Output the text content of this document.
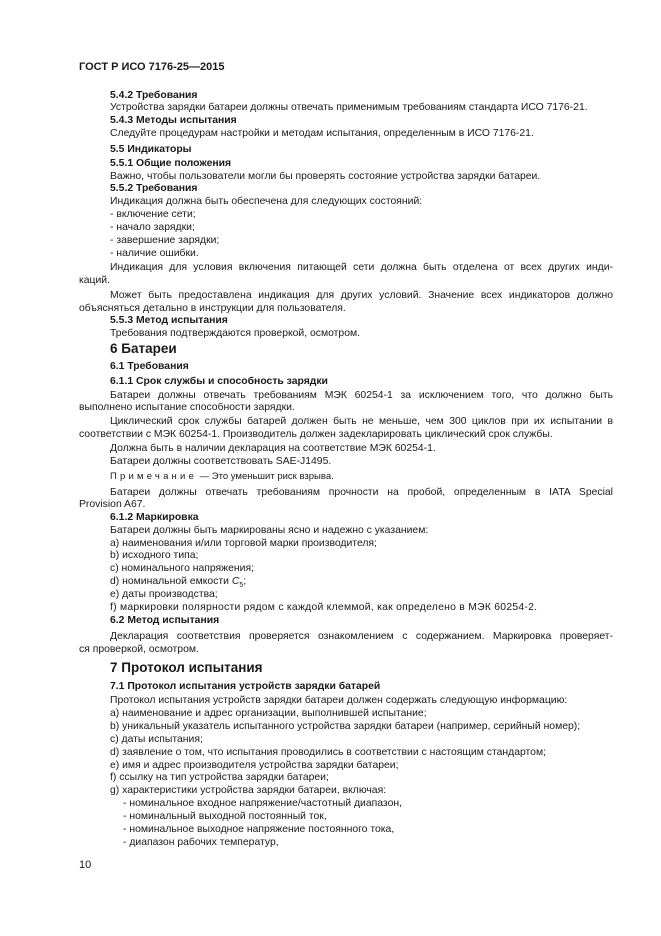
ГОСТ Р ИСО 7176-25—2015
5.4.2 Требования
Устройства зарядки батареи должны отвечать применимым требованиям стандарта ИСО 7176-21.
5.4.3 Методы испытания
Следуйте процедурам настройки и методам испытания, определенным в ИСО 7176-21.
5.5 Индикаторы
5.5.1 Общие положения
Важно, чтобы пользователи могли бы проверять состояние устройства зарядки батареи.
5.5.2 Требования
Индикация должна быть обеспечена для следующих состояний:
- включение сети;
- начало зарядки;
- завершение зарядки;
- наличие ошибки.
Индикация для условия включения питающей сети должна быть отделена от всех других инди-
каций.
Может быть предоставлена индикация для других условий. Значение всех индикаторов должно
объясняться детально в инструкции для пользователя.
5.5.3 Метод испытания
Требования подтверждаются проверкой, осмотром.
6 Батареи
6.1 Требования
6.1.1 Срок службы и способность зарядки
Батареи должны отвечать требованиям МЭК 60254-1 за исключением того, что должно быть
выполнено испытание способности зарядки.
Циклический срок службы батарей должен быть не меньше, чем 300 циклов при их испытании в
соответствии с МЭК 60254-1. Производитель должен задекларировать циклический срок службы.
Должна быть в наличии декларация на соответствие МЭК 60254-1.
Батареи должны соответствовать SAE-J1495.
Примечание — Это уменьшит риск взрыва.
Батареи должны отвечать требованиям прочности на пробой, определенным в IATA Special
Provision A67.
6.1.2 Маркировка
Батареи должны быть маркированы ясно и надежно с указанием:
a) наименования и/или торговой марки производителя;
b) исходного типа;
c) номинального напряжения;
d) номинальной емкости $C_5$;
e) даты производства;
f) маркировки полярности рядом с каждой клеммой, как определено в МЭК 60254-2.
6.2 Метод испытания
Декларация соответствия проверяется ознакомлением с содержанием. Маркировка проверяет-
ся проверкой, осмотром.
7 Протокол испытания
7.1 Протокол испытания устройств зарядки батарей
Протокол испытания устройств зарядки батареи должен содержать следующую информацию:
a) наименование и адрес организации, выполнившей испытание;
b) уникальный указатель испытанного устройства зарядки батареи (например, серийный номер);
c) даты испытания;
d) заявление о том, что испытания проводились в соответствии с настоящим стандартом;
e) имя и адрес производителя устройства зарядки батареи;
f) ссылку на тип устройства зарядки батареи;
g) характеристики устройства зарядки батареи, включая:
- номинальное входное напряжение/частотный диапазон,
- номинальный выходной постоянный ток,
- номинальное выходное напряжение постоянного тока,
- диапазон рабочих температур,
10
